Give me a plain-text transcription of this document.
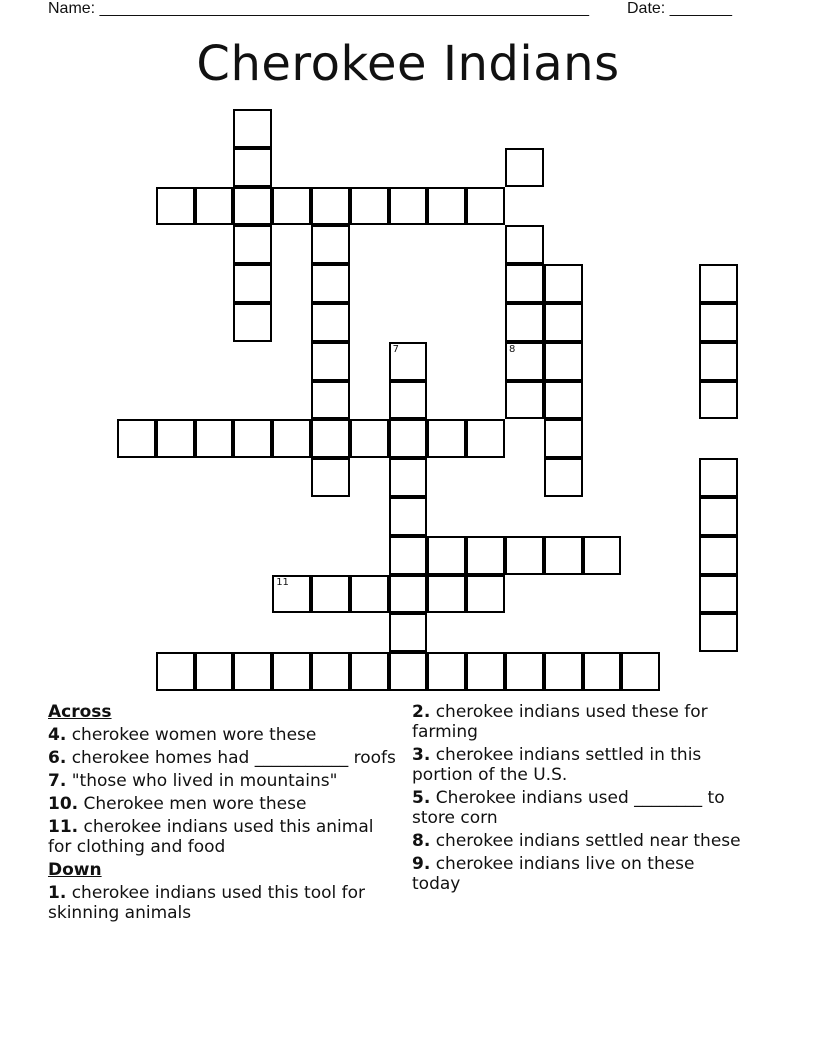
Name: _______________________________________________________ Date: _______
Cherokee Indians
7
11
8
Across
4. cherokee women wore these
6. cherokee homes had ___________ roofs
7. "those who lived in mountains"
10. Cherokee men wore these
11. cherokee indians used this animal for clothing and food
Down
1. cherokee indians used this tool for skinning animals
2. cherokee indians used these for farming
3. cherokee indians settled in this portion of the U.S.
5. Cherokee indians used ________ to store corn
8. cherokee indians settled near these
9. cherokee indians live on these today
